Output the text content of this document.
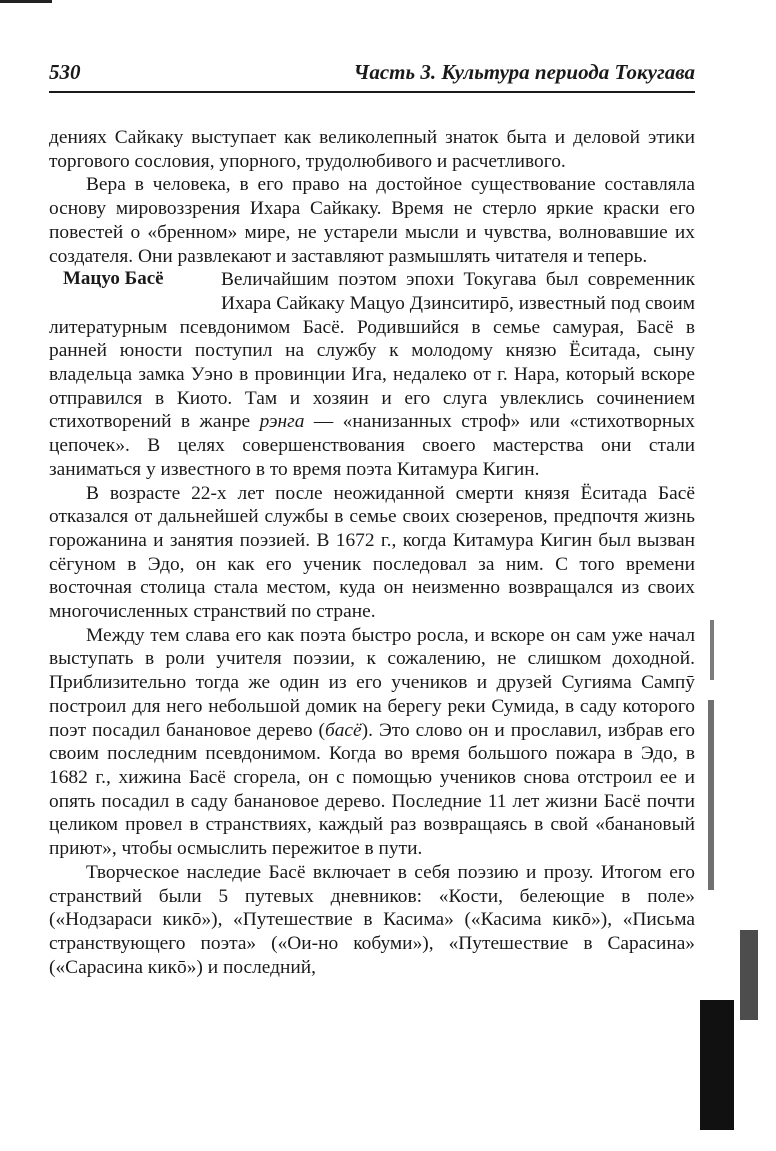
530	Часть 3. Культура периода Токугава

дениях Сайкаку выступает как великолепный знаток быта и деловой этики торгового сословия, упорного, трудолюбивого и расчетливого.

Вера в человека, в его право на достойное существование составляла основу мировоззрения Ихара Сайкаку. Время не стерло яркие краски его повестей о «бренном» мире, не устарели мысли и чувства, волновавшие их создателя. Они развлекают и заставляют размышлять читателя и теперь.

Мацуо Басё	Величайшим поэтом эпохи Токугава был современник Ихара Сайкаку Мацуо Дзинситирō, известный под своим литературным псевдонимом Басё. Родившийся в семье самурая, Басё в ранней юности поступил на службу к молодому князю Ёситада, сыну владельца замка Уэно в провинции Ига, недалеко от г. Нара, который вскоре отправился в Киото. Там и хозяин и его слуга увлеклись сочинением стихотворений в жанре рэнга — «нанизанных строф» или «стихотворных цепочек». В целях совершенствования своего мастерства они стали заниматься у известного в то время поэта Китамура Кигин.

В возрасте 22-х лет после неожиданной смерти князя Ёситада Басё отказался от дальнейшей службы в семье своих сюзеренов, предпочтя жизнь горожанина и занятия поэзией. В 1672 г., когда Китамура Кигин был вызван сёгуном в Эдо, он как его ученик последовал за ним. С того времени восточная столица стала местом, куда он неизменно возвращался из своих многочисленных странствий по стране.

Между тем слава его как поэта быстро росла, и вскоре он сам уже начал выступать в роли учителя поэзии, к сожалению, не слишком доходной. Приблизительно тогда же один из его учеников и друзей Сугияма Сампӯ построил для него небольшой домик на берегу реки Сумида, в саду которого поэт посадил банановое дерево (басё). Это слово он и прославил, избрав его своим последним псевдонимом. Когда во время большого пожара в Эдо, в 1682 г., хижина Басё сгорела, он с помощью учеников снова отстроил ее и опять посадил в саду банановое дерево. Последние 11 лет жизни Басё почти целиком провел в странствиях, каждый раз возвращаясь в свой «банановый приют», чтобы осмыслить пережитое в пути.

Творческое наследие Басё включает в себя поэзию и прозу. Итогом его странствий были 5 путевых дневников: «Кости, белеющие в поле» («Нодзараси кикō»), «Путешествие в Касима» («Касима кикō»), «Письма странствующего поэта» («Ои-но кобуми»), «Путешествие в Сарасина» («Сарасина кикō») и последний,
